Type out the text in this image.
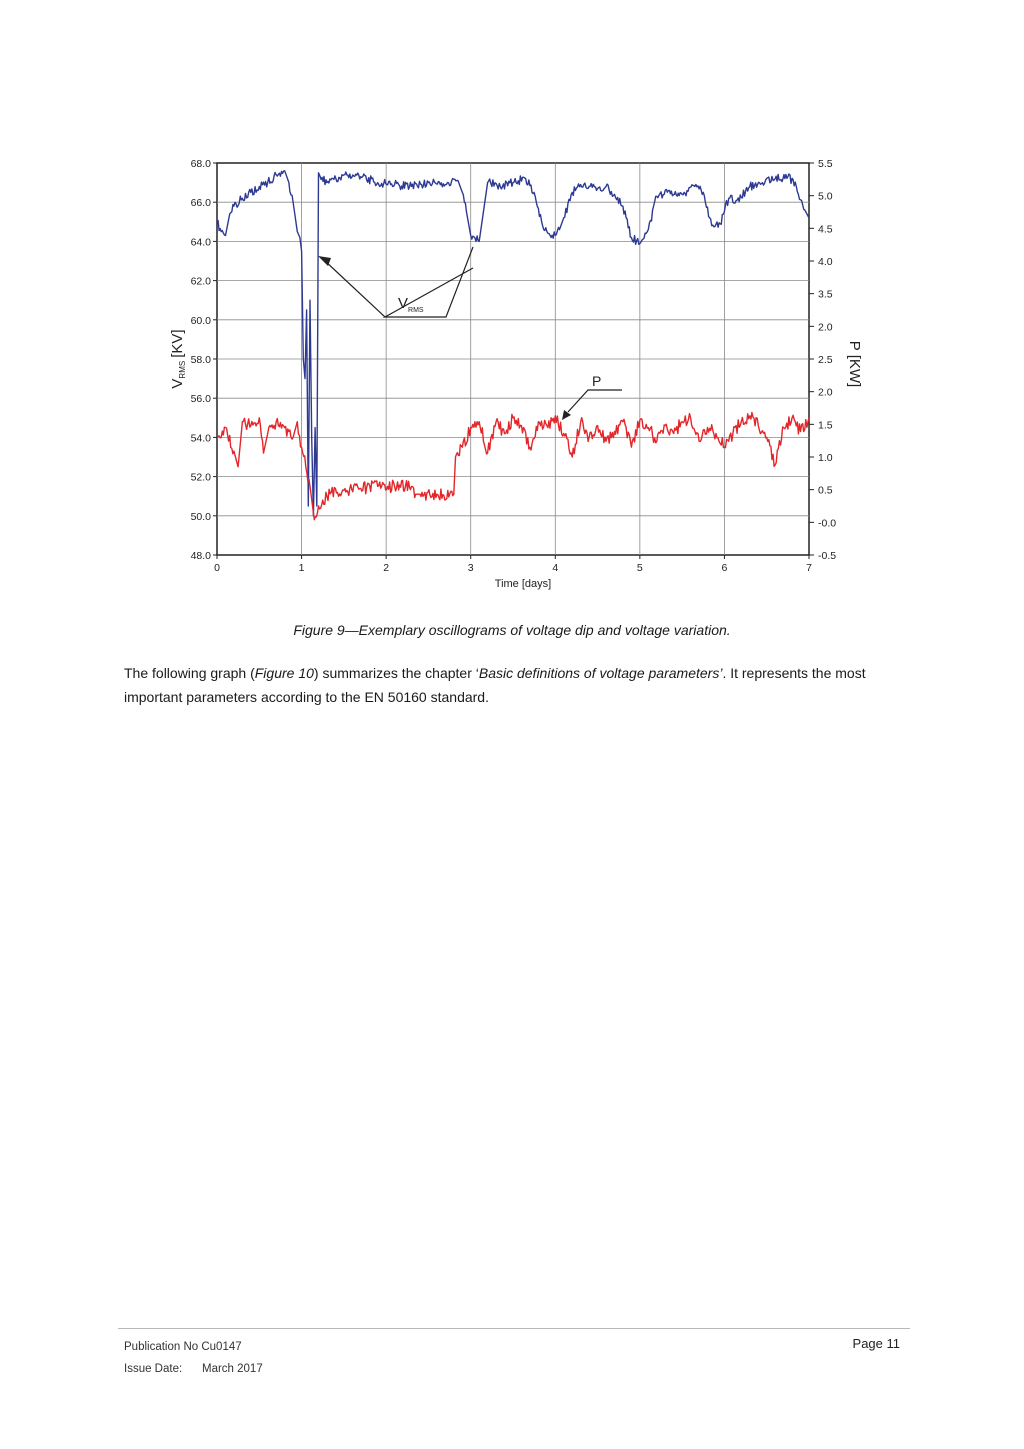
68.0
66.0
64.0
62.0
60.0
58.0
56.0
54.0
52.0
50.0
48.0
5.5
5.0
4.5
4.0
3.5
2.0
2.5
2.0
1.5
1.0
0.5
-0.0
-0.5
0	1	2	3	4	5	6	7
Time [days]
$V_{RMS}[KV]$	P [KW]
$V_{RMS}$
P
Figure 9—Exemplary oscillograms of voltage dip and voltage variation.

The following graph (Figure 10) summarizes the chapter ‘Basic definitions of voltage parameters’. It represents the most important parameters according to the EN 50160 standard.

Publication No Cu0147
Issue Date: March 2017
Page 11
